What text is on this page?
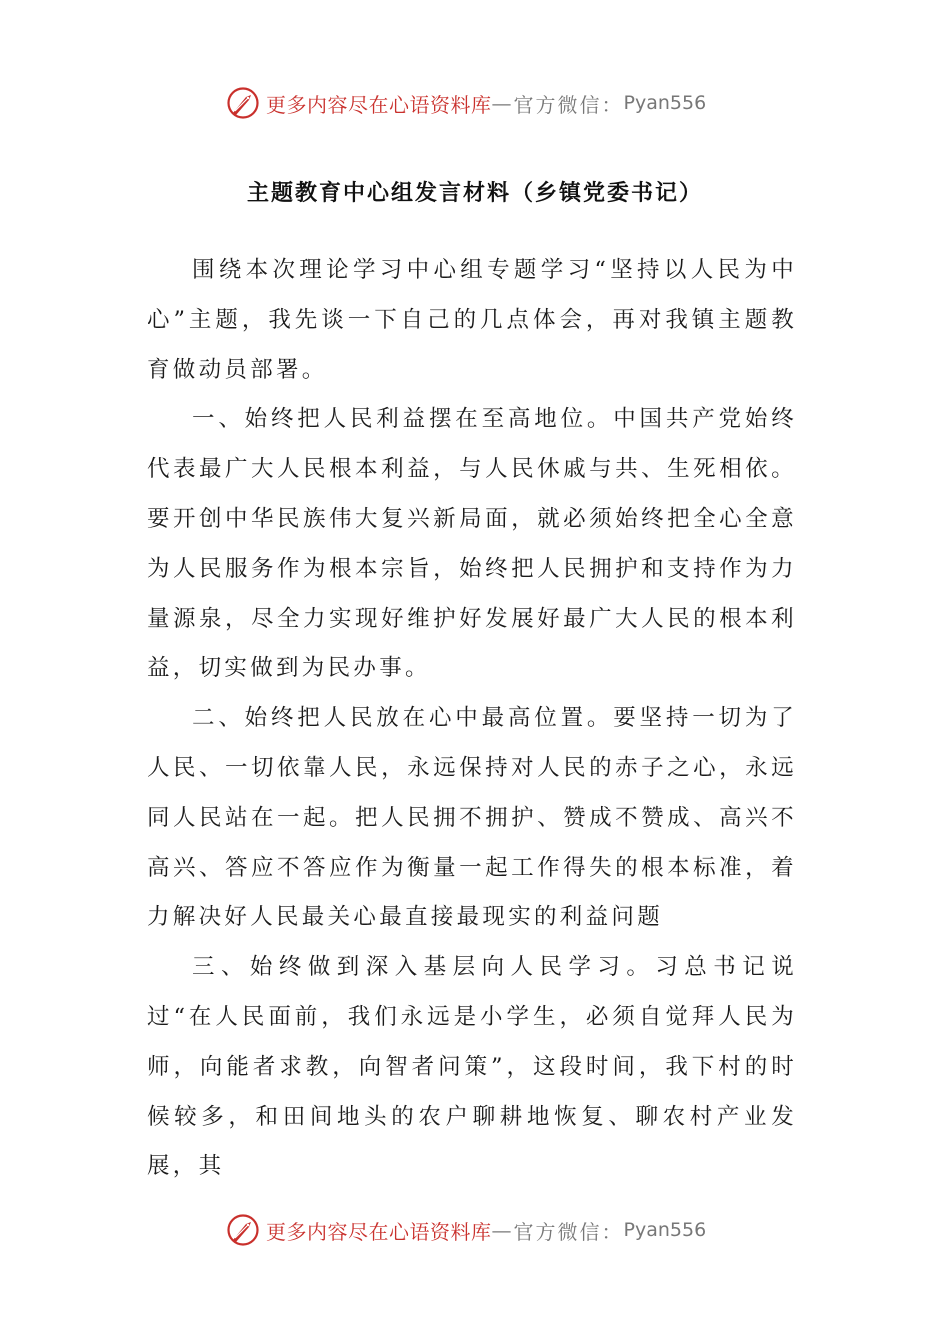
更多内容尽在心语资料库 — 官方微信： Pyan556
主题教育中心组发言材料（乡镇党委书记）

围绕本次理论学习中心组专题学习“坚持以人民为中心”主题，我先谈一下自己的几点体会，再对我镇主题教育做动员部署。

一、始终把人民利益摆在至高地位。中国共产党始终代表最广大人民根本利益，与人民休戚与共、生死相依。要开创中华民族伟大复兴新局面，就必须始终把全心全意为人民服务作为根本宗旨，始终把人民拥护和支持作为力量源泉，尽全力实现好维护好发展好最广大人民的根本利益，切实做到为民办事。

二、始终把人民放在心中最高位置。要坚持一切为了人民、一切依靠人民，永远保持对人民的赤子之心，永远同人民站在一起。把人民拥不拥护、赞成不赞成、高兴不高兴、答应不答应作为衡量一起工作得失的根本标准，着力解决好人民最关心最直接最现实的利益问题

三、始终做到深入基层向人民学习。习总书记说过“在人民面前，我们永远是小学生，必须自觉拜人民为师，向能者求教，向智者问策”，这段时间，我下村的时候较多，和田间地头的农户聊耕地恢复、聊农村产业发展，其

更多内容尽在心语资料库 — 官方微信： Pyan556
